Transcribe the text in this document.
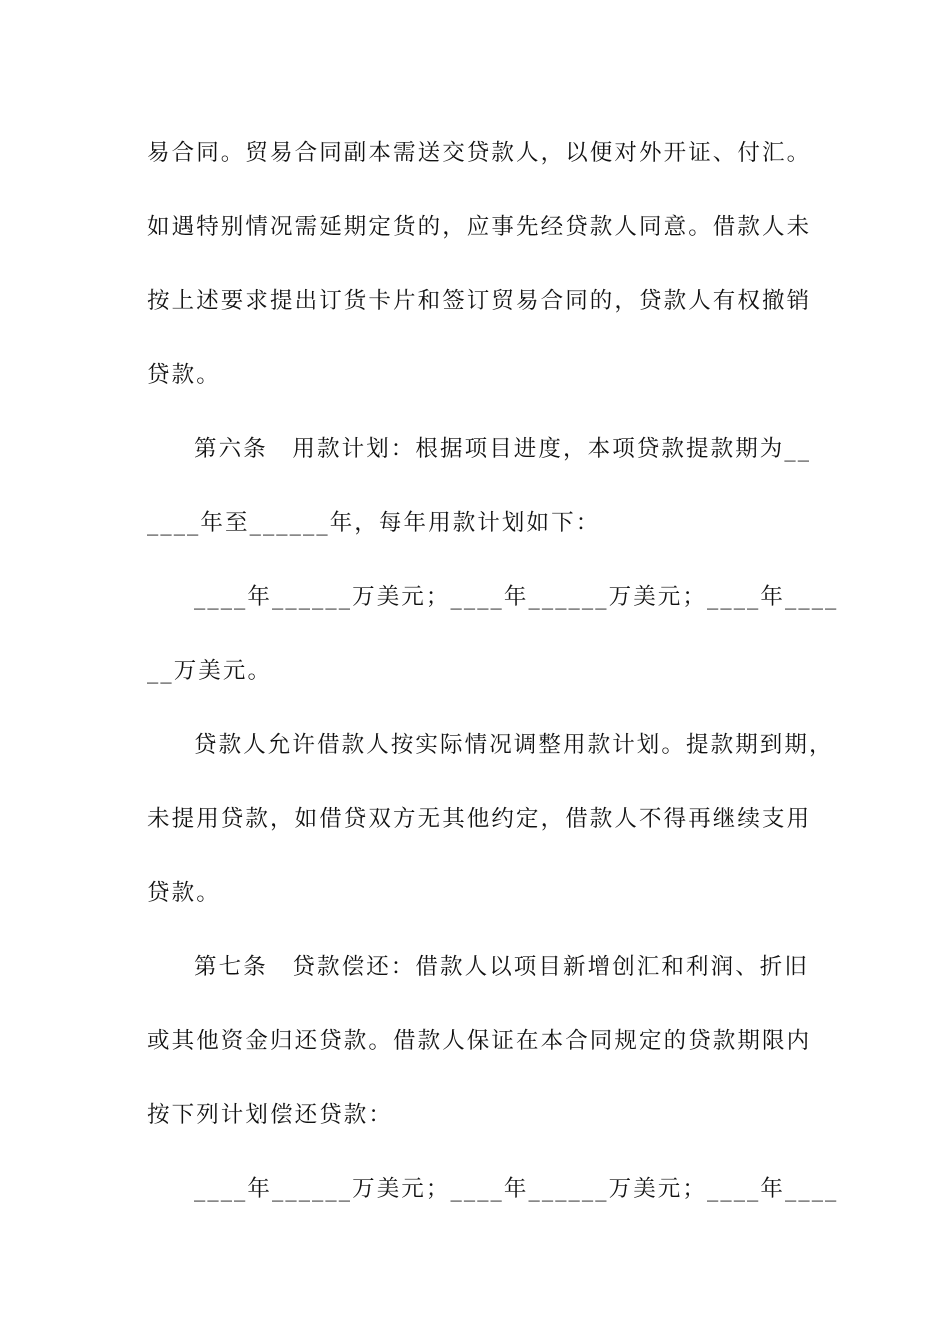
易合同。贸易合同副本需送交贷款人，以便对外开证、付汇。
如遇特别情况需延期定货的，应事先经贷款人同意。借款人未
按上述要求提出订货卡片和签订贸易合同的，贷款人有权撤销
贷款。
第六条　用款计划：根据项目进度，本项贷款提款期为__
____年至______年，每年用款计划如下：
____年______万美元；____年______万美元；____年____
__万美元。
贷款人允许借款人按实际情况调整用款计划。提款期到期，
未提用贷款，如借贷双方无其他约定，借款人不得再继续支用
贷款。
第七条　贷款偿还：借款人以项目新增创汇和利润、折旧
或其他资金归还贷款。借款人保证在本合同规定的贷款期限内
按下列计划偿还贷款：
____年______万美元；____年______万美元；____年____
